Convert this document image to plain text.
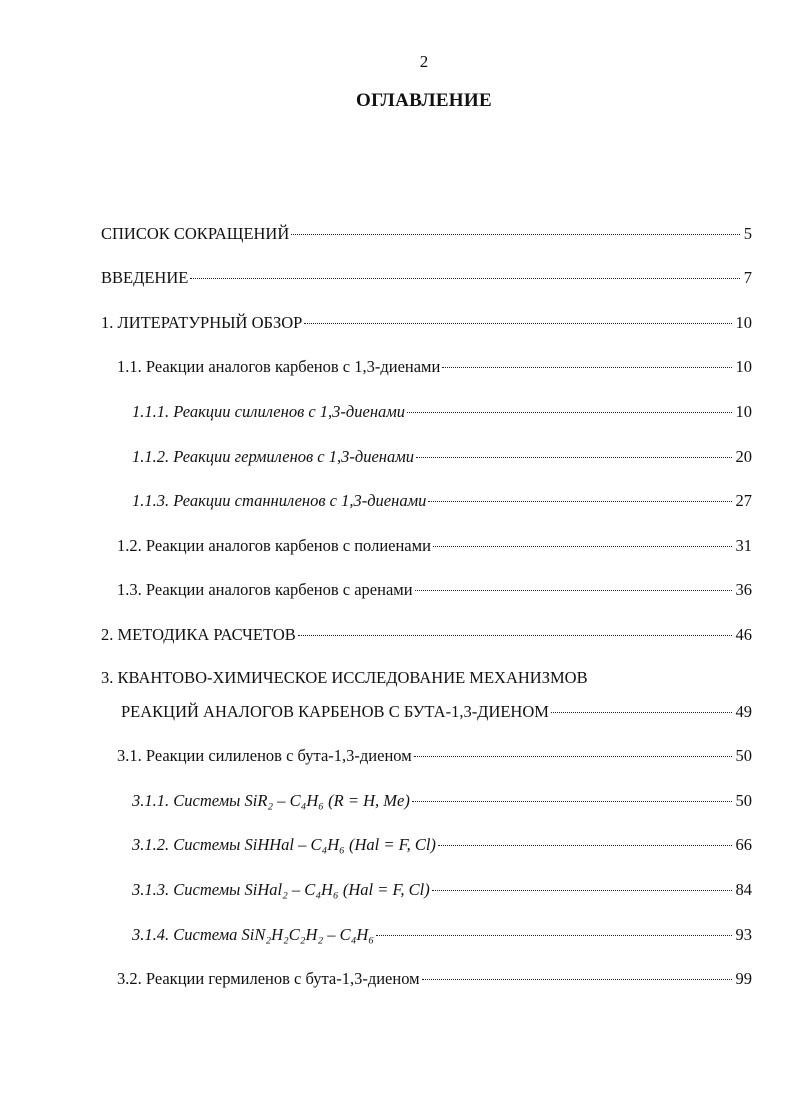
2
ОГЛАВЛЕНИЕ
СПИСОК СОКРАЩЕНИЙ	5
ВВЕДЕНИЕ	7
1. ЛИТЕРАТУРНЫЙ ОБЗОР	10
1.1. Реакции аналогов карбенов с 1,3-диенами	10
1.1.1. Реакции силиленов с 1,3-диенами	10
1.1.2. Реакции гермиленов с 1,3-диенами	20
1.1.3. Реакции станниленов с 1,3-диенами	27
1.2. Реакции аналогов карбенов с полиенами	31
1.3. Реакции аналогов карбенов с аренами	36
2. МЕТОДИКА РАСЧЕТОВ	46
3. КВАНТОВО-ХИМИЧЕСКОЕ ИССЛЕДОВАНИЕ МЕХАНИЗМОВ
РЕАКЦИЙ АНАЛОГОВ КАРБЕНОВ С БУТА-1,3-ДИЕНОМ	49
3.1. Реакции силиленов с бута-1,3-диеном	50
3.1.1. Системы SiR₂ – C₄H₆ (R = H, Me)	50
3.1.2. Системы SiHHal – C₄H₆ (Hal = F, Cl)	66
3.1.3. Системы SiHal₂ – C₄H₆ (Hal = F, Cl)	84
3.1.4. Система SiN₂H₂C₂H₂ – C₄H₆	93
3.2. Реакции гермиленов с бута-1,3-диеном	99
